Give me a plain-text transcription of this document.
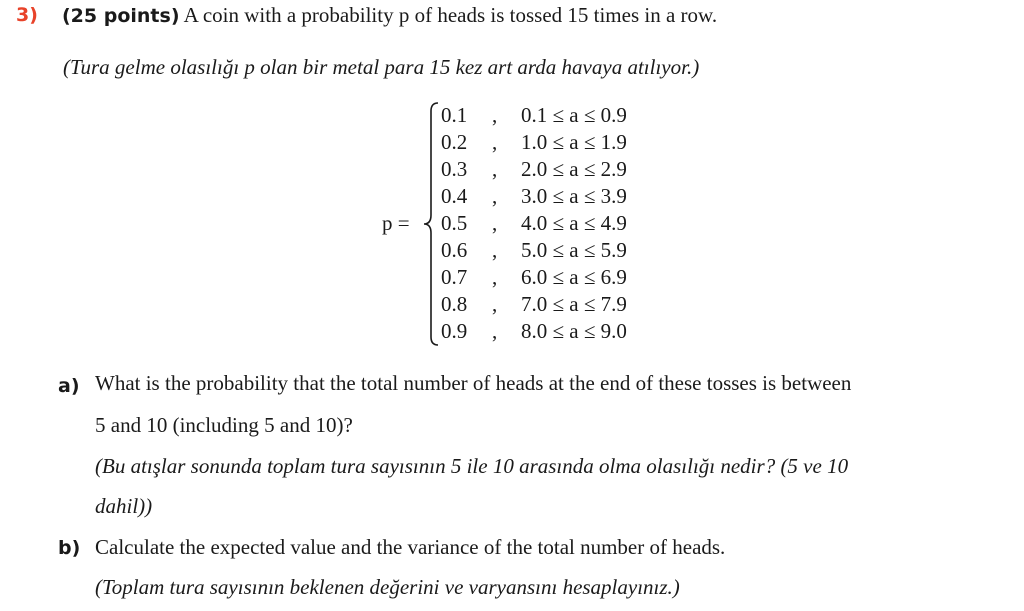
3) (25 points) A coin with a probability p of heads is tossed 15 times in a row.
(Tura gelme olasılığı p olan bir metal para 15 kez art arda havaya atılıyor.)
p =
0.1 , 0.1 ≤ a ≤ 0.9
0.2 , 1.0 ≤ a ≤ 1.9
0.3 , 2.0 ≤ a ≤ 2.9
0.4 , 3.0 ≤ a ≤ 3.9
0.5 , 4.0 ≤ a ≤ 4.9
0.6 , 5.0 ≤ a ≤ 5.9
0.7 , 6.0 ≤ a ≤ 6.9
0.8 , 7.0 ≤ a ≤ 7.9
0.9 , 8.0 ≤ a ≤ 9.0
a) What is the probability that the total number of heads at the end of these tosses is between
5 and 10 (including 5 and 10)?
(Bu atışlar sonunda toplam tura sayısının 5 ile 10 arasında olma olasılığı nedir? (5 ve 10
dahil))
b) Calculate the expected value and the variance of the total number of heads.
(Toplam tura sayısının beklenen değerini ve varyansını hesaplayınız.)
